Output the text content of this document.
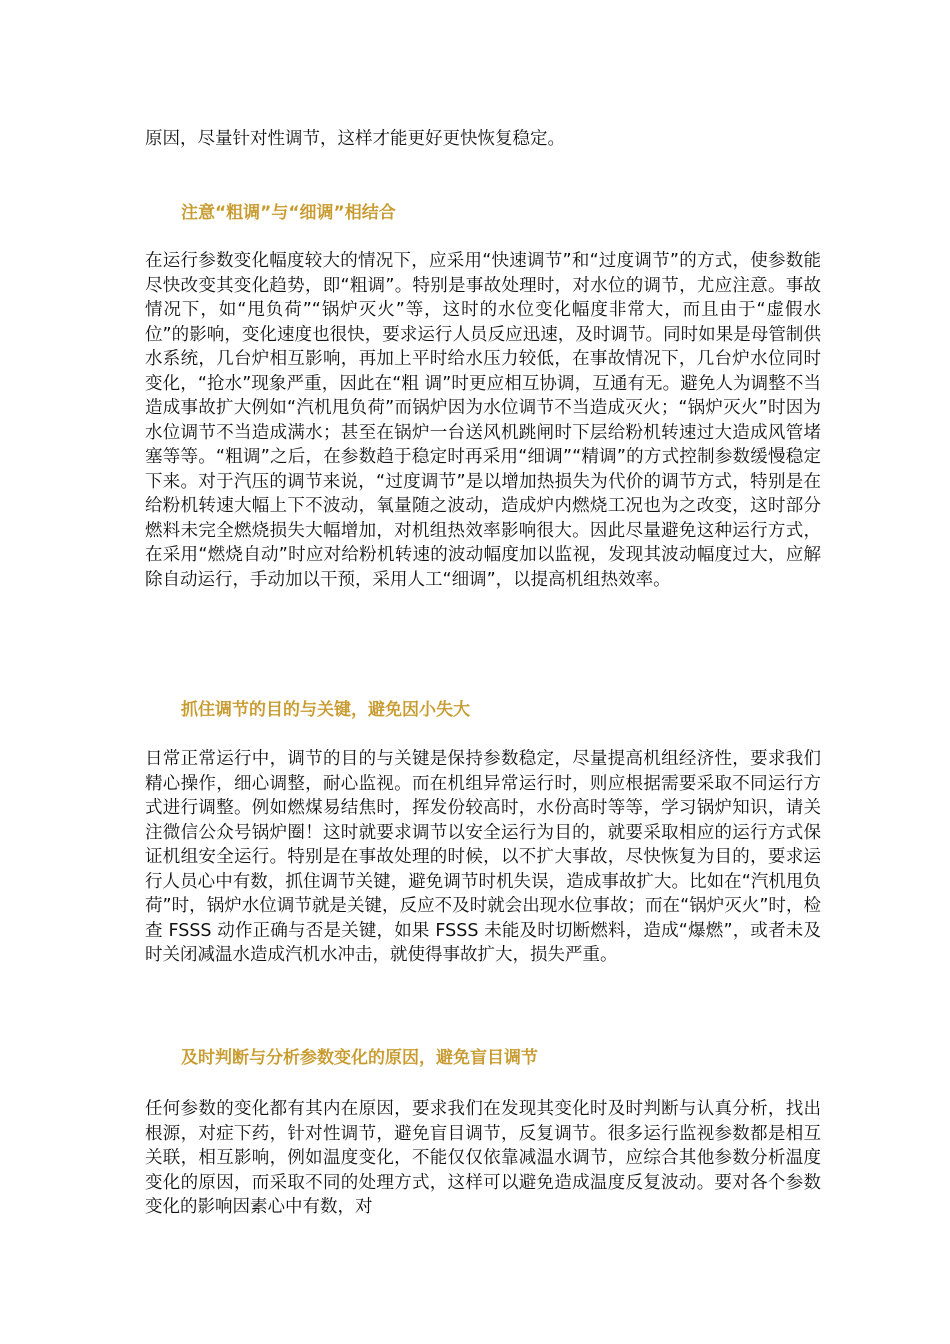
原因，尽量针对性调节，这样才能更好更快恢复稳定。

注意“粗调”与“细调”相结合

在运行参数变化幅度较大的情况下，应采用“快速调节”和“过度调节”的方式，使参数能尽快改变其变化趋势，即“粗调”。特别是事故处理时，对水位的调节，尤应注意。事故情况下，如“甩负荷”“锅炉灭火”等，这时的水位变化幅度非常大，而且由于“虚假水位”的影响，变化速度也很快，要求运行人员反应迅速，及时调节。同时如果是母管制供水系统，几台炉相互影响，再加上平时给水压力较低，在事故情况下，几台炉水位同时变化，“抢水”现象严重，因此在“粗 调”时更应相互协调，互通有无。避免人为调整不当造成事故扩大例如“汽机甩负荷”而锅炉因为水位调节不当造成灭火；“锅炉灭火”时因为水位调节不当造成满水；甚至在锅炉一台送风机跳闸时下层给粉机转速过大造成风管堵塞等等。“粗调”之后，在参数趋于稳定时再采用“细调”“精调”的方式控制参数缓慢稳定下来。对于汽压的调节来说，“过度调节”是以增加热损失为代价的调节方式，特别是在给粉机转速大幅上下不波动，氧量随之波动，造成炉内燃烧工况也为之改变，这时部分燃料未完全燃烧损失大幅增加，对机组热效率影响很大。因此尽量避免这种运行方式，在采用“燃烧自动”时应对给粉机转速的波动幅度加以监视，发现其波动幅度过大，应解除自动运行，手动加以干预，采用人工“细调”，以提高机组热效率。

抓住调节的目的与关键，避免因小失大

日常正常运行中，调节的目的与关键是保持参数稳定，尽量提高机组经济性，要求我们精心操作，细心调整，耐心监视。而在机组异常运行时，则应根据需要采取不同运行方式进行调整。例如燃煤易结焦时，挥发份较高时，水份高时等等，学习锅炉知识，请关注微信公众号锅炉圈！这时就要求调节以安全运行为目的，就要采取相应的运行方式保证机组安全运行。特别是在事故处理的时候，以不扩大事故，尽快恢复为目的，要求运行人员心中有数，抓住调节关键，避免调节时机失误，造成事故扩大。比如在“汽机甩负荷”时，锅炉水位调节就是关键，反应不及时就会出现水位事故；而在“锅炉灭火”时，检查 FSSS 动作正确与否是关键，如果 FSSS 未能及时切断燃料，造成“爆燃”，或者未及时关闭减温水造成汽机水冲击，就使得事故扩大，损失严重。

及时判断与分析参数变化的原因，避免盲目调节

任何参数的变化都有其内在原因，要求我们在发现其变化时及时判断与认真分析，找出根源，对症下药，针对性调节，避免盲目调节，反复调节。很多运行监视参数都是相互关联，相互影响，例如温度变化，不能仅仅依靠减温水调节，应综合其他参数分析温度变化的原因，而采取不同的处理方式，这样可以避免造成温度反复波动。要对各个参数变化的影响因素心中有数，对
